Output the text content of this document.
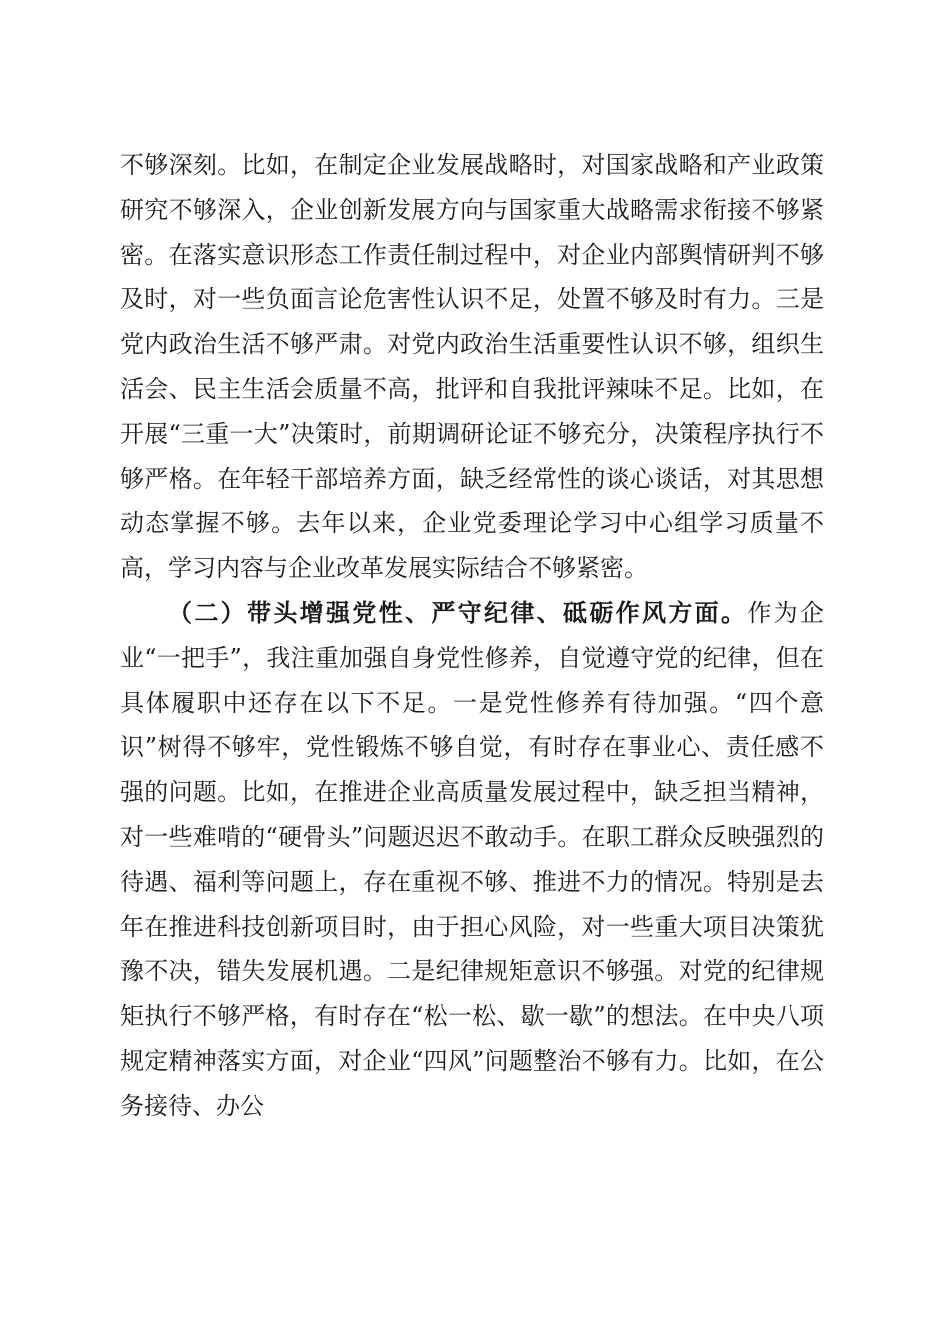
不够深刻。比如，在制定企业发展战略时，对国家战略和产业政策研究不够深入，企业创新发展方向与国家重大战略需求衔接不够紧密。在落实意识形态工作责任制过程中，对企业内部舆情研判不够及时，对一些负面言论危害性认识不足，处置不够及时有力。三是党内政治生活不够严肃。对党内政治生活重要性认识不够，组织生活会、民主生活会质量不高，批评和自我批评辣味不足。比如，在开展“三重一大”决策时，前期调研论证不够充分，决策程序执行不够严格。在年轻干部培养方面，缺乏经常性的谈心谈话，对其思想动态掌握不够。去年以来，企业党委理论学习中心组学习质量不高，学习内容与企业改革发展实际结合不够紧密。

（二）带头增强党性、严守纪律、砥砺作风方面。作为企业“一把手”，我注重加强自身党性修养，自觉遵守党的纪律，但在具体履职中还存在以下不足。一是党性修养有待加强。“四个意识”树得不够牢，党性锻炼不够自觉，有时存在事业心、责任感不强的问题。比如，在推进企业高质量发展过程中，缺乏担当精神，对一些难啃的“硬骨头”问题迟迟不敢动手。在职工群众反映强烈的待遇、福利等问题上，存在重视不够、推进不力的情况。特别是去年在推进科技创新项目时，由于担心风险，对一些重大项目决策犹豫不决，错失发展机遇。二是纪律规矩意识不够强。对党的纪律规矩执行不够严格，有时存在“松一松、歇一歇”的想法。在中央八项规定精神落实方面，对企业“四风”问题整治不够有力。比如，在公务接待、办公
